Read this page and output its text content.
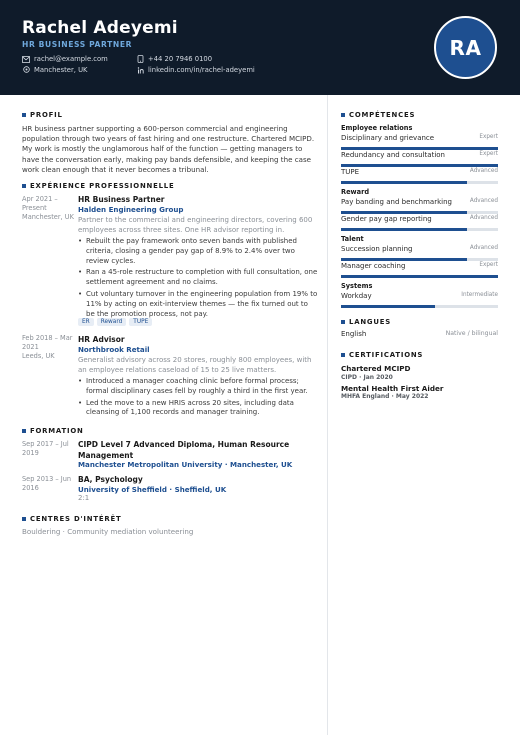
Rachel Adeyemi
HR BUSINESS PARTNER
rachel@example.com
Manchester, UK
+44 20 7946 0100
linkedin.com/in/rachel-adeyemi
RA
PROFIL
HR business partner supporting a 600-person commercial and engineering population through two years of fast hiring and one restructure. Chartered MCIPD. My work is mostly the unglamorous half of the function — getting managers to have the conversation early, making pay bands defensible, and keeping the case work clean enough that it never becomes a tribunal.
EXPÉRIENCE PROFESSIONNELLE
Apr 2021 – Present
Manchester, UK
HR Business Partner
Halden Engineering Group
Partner to the commercial and engineering directors, covering 600 employees across three sites. One HR advisor reporting in.
• Rebuilt the pay framework onto seven bands with published criteria, closing a gender pay gap of 8.9% to 2.4% over two review cycles.
• Ran a 45-role restructure to completion with full consultation, one settlement agreement and no claims.
• Cut voluntary turnover in the engineering population from 19% to 11% by acting on exit-interview themes — the fix turned out to be the promotion process, not pay.
ER	Reward	TUPE
Feb 2018 – Mar 2021
Leeds, UK
HR Advisor
Northbrook Retail
Generalist advisory across 20 stores, roughly 800 employees, with an employee relations caseload of 15 to 25 live matters.
• Introduced a manager coaching clinic before formal process; formal disciplinary cases fell by roughly a third in the first year.
• Led the move to a new HRIS across 20 sites, including data cleansing of 1,100 records and manager training.
FORMATION
Sep 2017 – Jul 2019
CIPD Level 7 Advanced Diploma, Human Resource Management
Manchester Metropolitan University · Manchester, UK
Sep 2013 – Jun 2016
BA, Psychology
University of Sheffield · Sheffield, UK
2:1
CENTRES D'INTÉRÊT
Bouldering · Community mediation volunteering
COMPÉTENCES
Employee relations
Disciplinary and grievance	Expert
Redundancy and consultation	Expert
TUPE	Advanced
Reward
Pay banding and benchmarking	Advanced
Gender pay gap reporting	Advanced
Talent
Succession planning	Advanced
Manager coaching	Expert
Systems
Workday	Intermediate
LANGUES
English	Native / bilingual
CERTIFICATIONS
Chartered MCIPD
CIPD · Jan 2020
Mental Health First Aider
MHFA England · May 2022
